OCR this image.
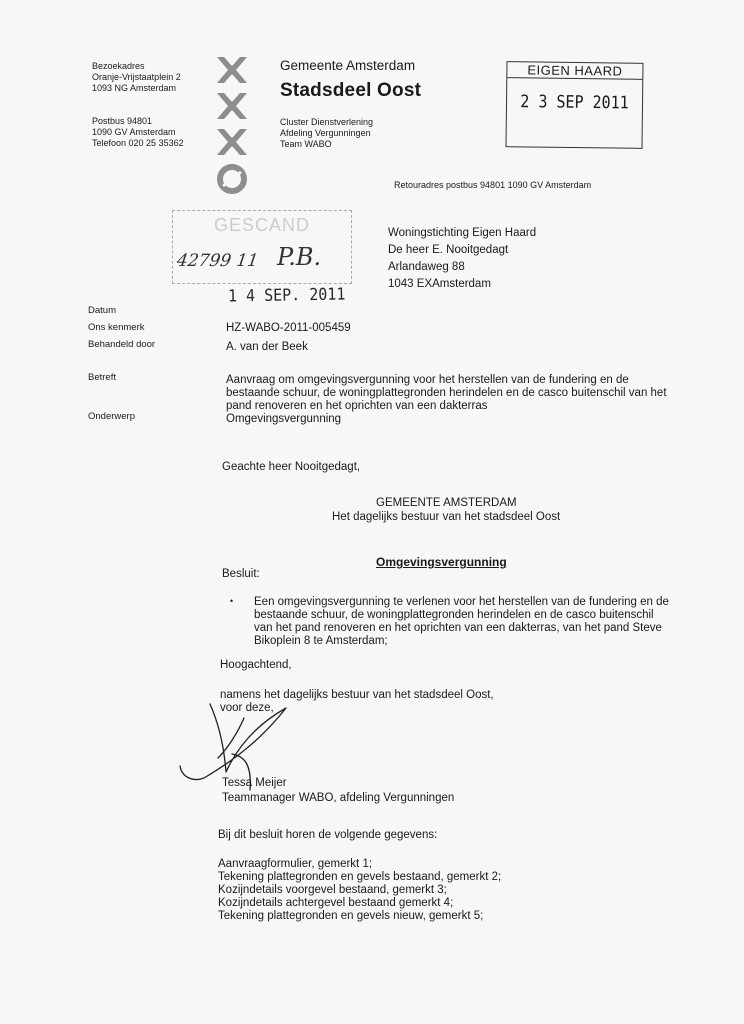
Bezoekadres
Oranje-Vrijstaatplein 2
1093 NG Amsterdam
Postbus 94801
1090 GV Amsterdam
Telefoon 020 25 35362
Gemeente Amsterdam
Stadsdeel Oost
Cluster Dienstverlening
Afdeling Vergunningen
Team WABO
EIGEN HAARD
2 3 SEP 2011
Retouradres postbus 94801 1090 GV Amsterdam
GESCAND
42799 11 P.B.
1 4 SEP. 2011
Woningstichting Eigen Haard
De heer E. Nooitgedagt
Arlandaweg 88
1043 EXAmsterdam
Datum
Ons kenmerk
Behandeld door
Betreft
Onderwerp
HZ-WABO-2011-005459
A. van der Beek
Aanvraag om omgevingsvergunning voor het herstellen van de fundering en de
bestaande schuur, de woningplattegronden herindelen en de casco buitenschil van het
pand renoveren en het oprichten van een dakterras
Omgevingsvergunning
Geachte heer Nooitgedagt,
GEMEENTE AMSTERDAM
Het dagelijks bestuur van het stadsdeel Oost
Omgevingsvergunning
Besluit:
• Een omgevingsvergunning te verlenen voor het herstellen van de fundering en de
bestaande schuur, de woningplattegronden herindelen en de casco buitenschil
van het pand renoveren en het oprichten van een dakterras, van het pand Steve
Bikoplein 8 te Amsterdam;
Hoogachtend,
namens het dagelijks bestuur van het stadsdeel Oost,
voor deze,
Tessa Meijer
Teammanager WABO, afdeling Vergunningen
Bij dit besluit horen de volgende gegevens:
Aanvraagformulier, gemerkt 1;
Tekening plattegronden en gevels bestaand, gemerkt 2;
Kozijndetails voorgevel bestaand, gemerkt 3;
Kozijndetails achtergevel bestaand gemerkt 4;
Tekening plattegronden en gevels nieuw, gemerkt 5;
